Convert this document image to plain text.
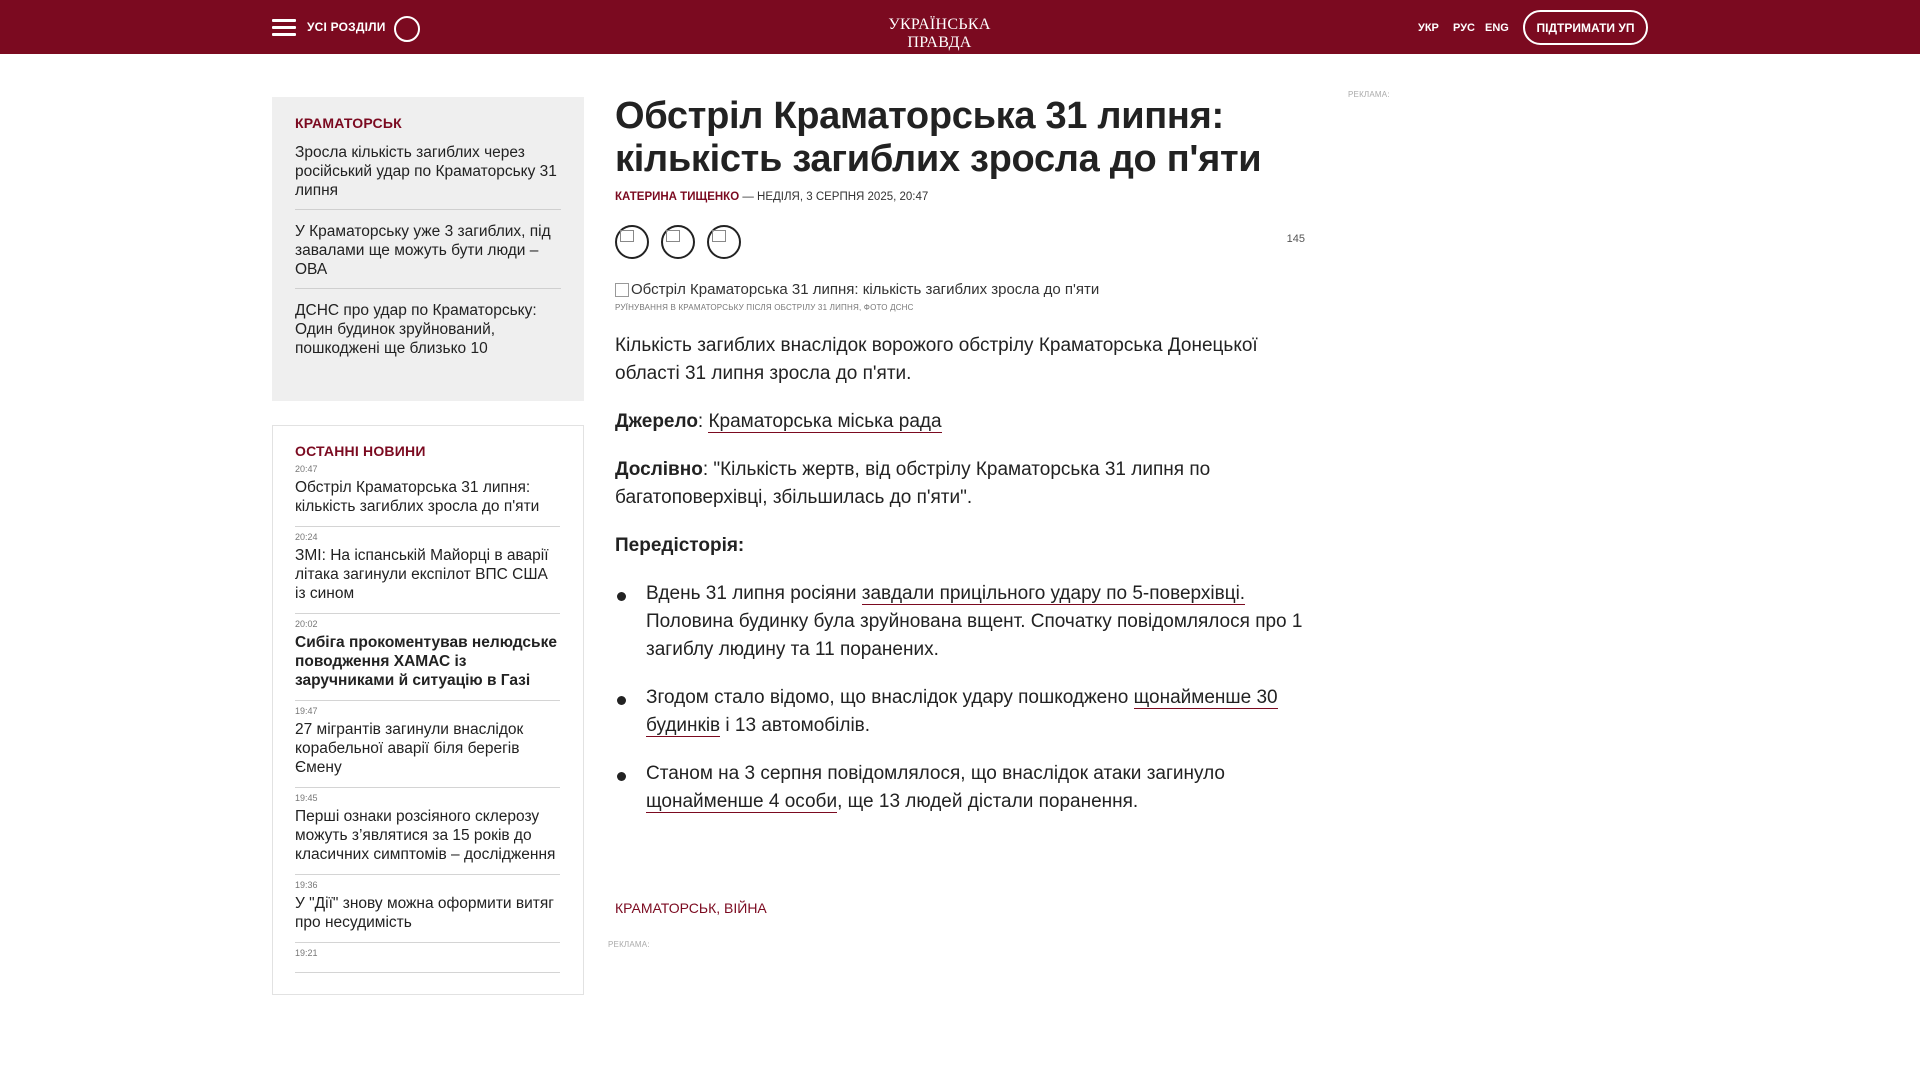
УСІ РОЗДІЛИ	УКРАЇНСЬКА ПРАВДА
УКР РУС ENG	ПІДТРИМАТИ УП
КРАМАТОРСЬК
Зросла кількість загиблих через російський удар по Краматорську 31 липня
У Краматорську уже 3 загиблих, під завалами ще можуть бути люди – ОВА
ДСНС про удар по Краматорську: Один будинок зруйнований, пошкоджені ще близько 10
ОСТАННІ НОВИНИ
20:47
Обстріл Краматорська 31 липня: кількість загиблих зросла до п'яти
20:24
ЗМІ: На іспанській Майорці в аварії літака загинули експілот ВПС США із сином
20:02
Сибіга прокоментував нелюдське поводження ХАМАС із заручниками й ситуацію в Газі
19:47
27 мігрантів загинули внаслідок корабельної аварії біля берегів Ємену
19:45
Перші ознаки розсіяного склерозу можуть з’являтися за 15 років до класичних симптомів – дослідження
19:36
У "Дії" знову можна оформити витяг про несудимість
19:21
Обстріл Краматорська 31 липня: кількість загиблих зросла до п'яти
КАТЕРИНА ТИЩЕНКО — НЕДІЛЯ, 3 СЕРПНЯ 2025, 20:47
145
Обстріл Краматорська 31 липня: кількість загиблих зросла до п'яти
РУЇНУВАННЯ В КРАМАТОРСЬКУ ПІСЛЯ ОБСТРІЛУ 31 ЛИПНЯ, ФОТО ДСНС

Кількість загиблих внаслідок ворожого обстрілу Краматорська Донецької області 31 липня зросла до п'яти.

Джерело: Краматорська міська рада

Дослівно: "Кількість жертв, від обстрілу Краматорська 31 липня по багатоповерхівці, збільшилась до п'яти".

Передісторія:

Вдень 31 липня росіяни завдали прицільного удару по 5-поверхівці. Половина будинку була зруйнована вщент. Спочатку повідомлялося про 1 загиблу людину та 11 поранених.
Згодом стало відомо, що внаслідок удару пошкоджено щонайменше 30 будинків і 13 автомобілів.
Станом на 3 серпня повідомлялося, що внаслідок атаки загинуло щонайменше 4 особи, ще 13 людей дістали поранення.
КРАМАТОРСЬК, ВІЙНА
РЕКЛАМА:
РЕКЛАМА:
